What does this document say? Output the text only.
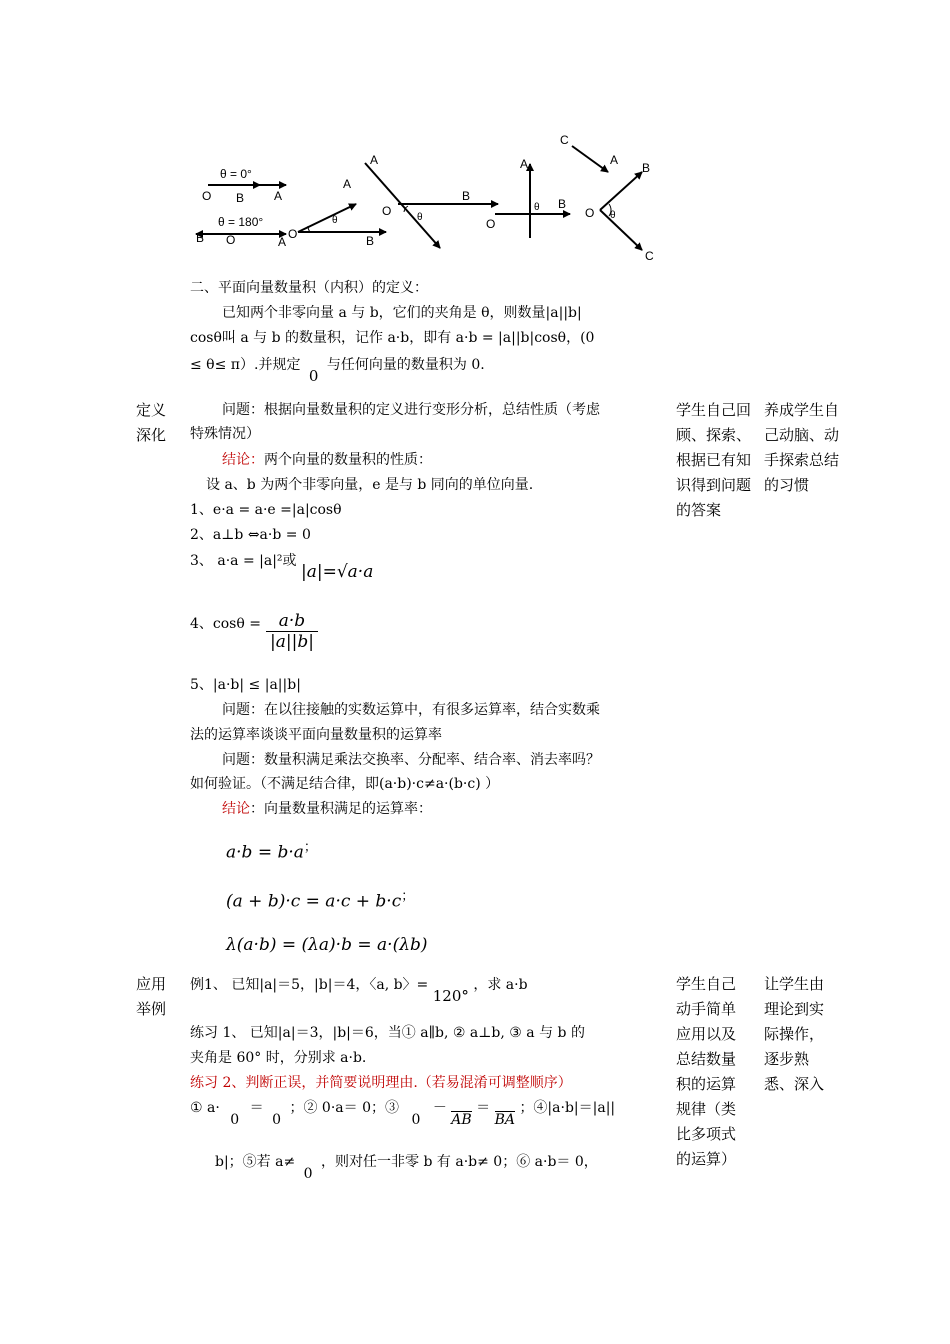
θ = 0°
O B A
θ = 180°
B O	A
A
O
θ
B
A
O	θ
B
A
O
θ B
C
A
B
O θ
C
二、平面向量数量积（内积）的定义：
已知两个非零向量 a 与 b，它们的夹角是 θ，则数量|a||b|
cosθ叫 a 与 b 的数量积，记作 a·b，即有 a·b = |a||b|cosθ，(0
≤ θ≤ π）.并规定 0 与任何向量的数量积为 0.
定义深化
问题：根据向量数量积的定义进行变形分析，总结性质（考虑
特殊情况）
结论：两个向量的数量积的性质：
设 a、b 为两个非零向量，e 是与 b 同向的单位向量.
1、e·a = a·e =|a|cosθ
2、a⊥b ⇔a·b = 0
3、 a·a = |a|²或 |a|=√a·a
4、$\cos\theta = \frac{a\cdot b}{|a||b|}$
5、|a·b| ≤ |a||b|
问题：在以往接触的实数运算中，有很多运算率，结合实数乘
法的运算率谈谈平面向量数量积的运算率
问题：数量积满足乘法交换率、分配率、结合率、消去率吗？
如何验证。（不满足结合律，即(a·b)·c≠a·(b·c) ）
结论：向量数量积满足的运算率：
a·b = b·a；
(a + b)·c = a·c + b·c；
λ(a·b) = (λa)·b = a·(λb)
学生自己回顾、探索、根据已有知识得到问题的答案
养成学生自己动脑、动手探索总结的习惯
应用举例
例1、 已知|a|＝5，|b|＝4，〈a, b〉= 120° ，求 a·b
练习 1、 已知|a|＝3，|b|＝6，当① a∥b, ② a⊥b, ③ a 与 b 的
夹角是 60° 时，分别求 a·b.
练习 2、判断正误，并简要说明理由.（若易混淆可调整顺序）
① a· 0 ＝ 0 ；② 0·a＝ 0；③ 0 － AB ＝ BA ；④|a·b|＝|a||
b|；⑤若 a≠ 0 ，则对任一非零 b 有 a·b≠ 0；⑥ a·b＝ 0，
学生自己动手简单应用以及总结数量积的运算规律（类比多项式的运算）
让学生由理论到实际操作，逐步熟悉、深入
